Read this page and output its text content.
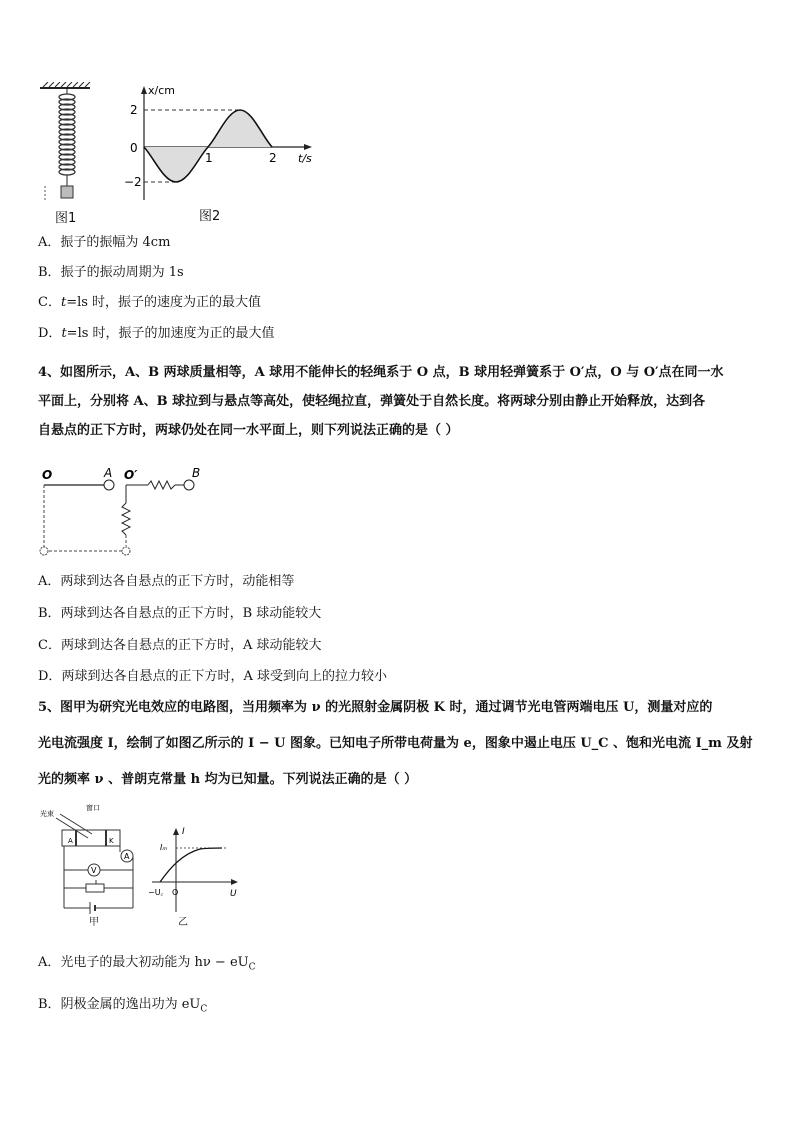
图1
x/cm
2
0
−2
1	2 t/s
图2
A．振子的振幅为 4cm
B．振子的振动周期为 1s
C．t=ls 时，振子的速度为正的最大值
D．t=ls 时，振子的加速度为正的最大值
4、如图所示，A、B 两球质量相等，A 球用不能伸长的轻绳系于 O 点，B 球用轻弹簧系于 O′点，O 与 O′点在同一水
平面上，分别将 A、B 球拉到与悬点等高处，使轻绳拉直，弹簧处于自然长度。将两球分别由静止开始释放，达到各
自悬点的正下方时，两球仍处在同一水平面上，则下列说法正确的是（ ）
O	A O′	B
A．两球到达各自悬点的正下方时，动能相等
B．两球到达各自悬点的正下方时，B 球动能较大
C．两球到达各自悬点的正下方时，A 球动能较大
D．两球到达各自悬点的正下方时，A 球受到向上的拉力较小
5、图甲为研究光电效应的电路图，当用频率为 ν 的光照射金属阴极 K 时，通过调节光电管两端电压 U，测量对应的
光电流强度 I，绘制了如图乙所示的 I − U 图象。已知电子所带电荷量为 e，图象中遏止电压 U_C 、饱和光电流 I_m 及射
光的频率 ν 、普朗克常量 h 均为已知量。下列说法正确的是（ ）
光束
窗口
A	K
A
V
甲
I
Iₘ
−U꜀ O	U
乙
A．光电子的最大初动能为 $h\nu - eU_C$
B．阴极金属的逸出功为 $eU_C$
